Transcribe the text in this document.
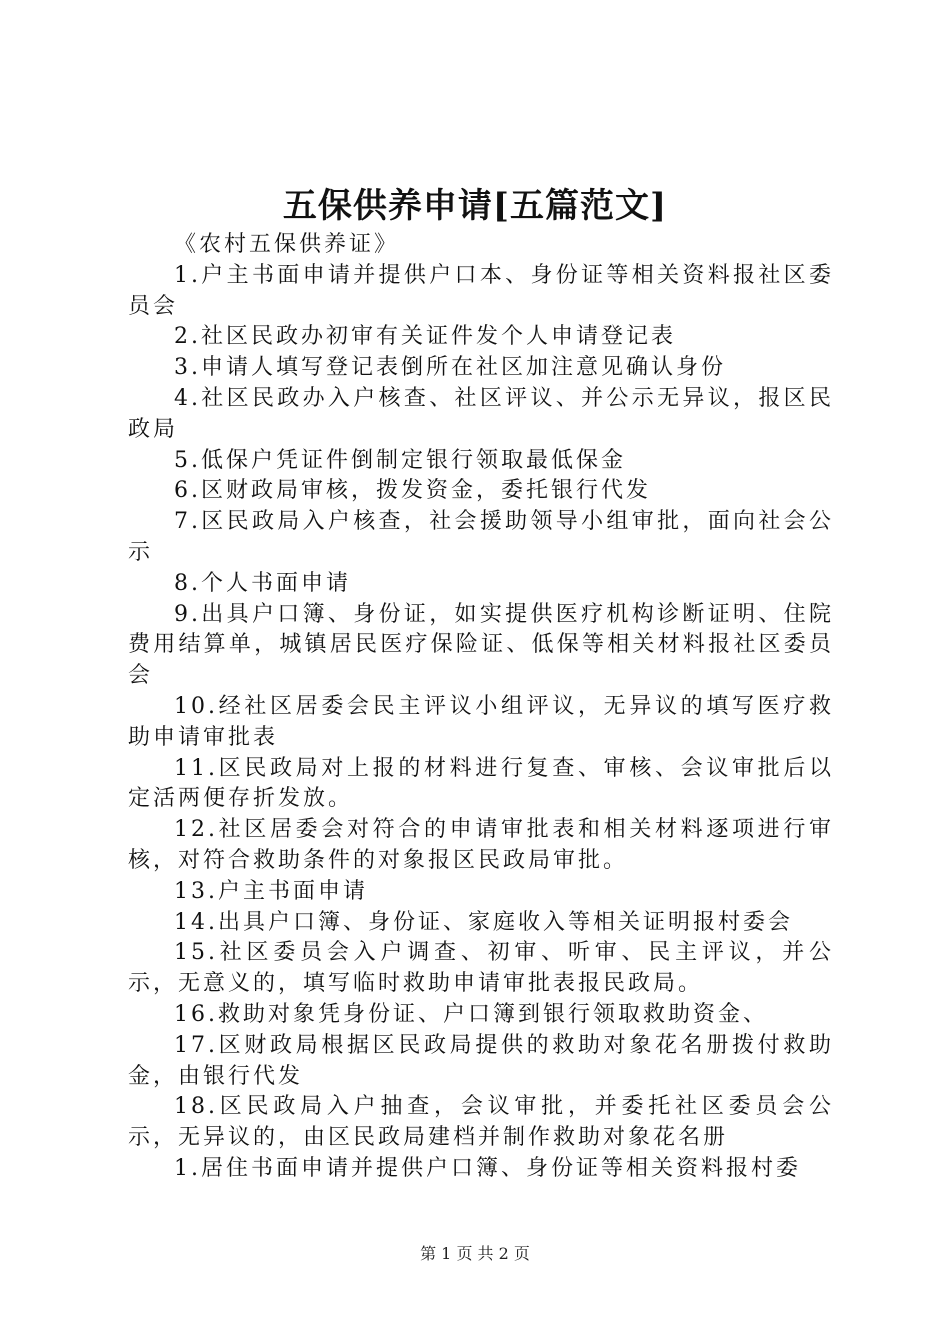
五保供养申请[五篇范文]

《农村五保供养证》

1.户主书面申请并提供户口本、身份证等相关资料报社区委员会

2.社区民政办初审有关证件发个人申请登记表

3.申请人填写登记表倒所在社区加注意见确认身份

4.社区民政办入户核查、社区评议、并公示无异议，报区民政局

5.低保户凭证件倒制定银行领取最低保金

6.区财政局审核，拨发资金，委托银行代发

7.区民政局入户核查，社会援助领导小组审批，面向社会公示

8.个人书面申请

9.出具户口簿、身份证，如实提供医疗机构诊断证明、住院费用结算单，城镇居民医疗保险证、低保等相关材料报社区委员会

10.经社区居委会民主评议小组评议，无异议的填写医疗救助申请审批表

11.区民政局对上报的材料进行复查、审核、会议审批后以定活两便存折发放。

12.社区居委会对符合的申请审批表和相关材料逐项进行审核，对符合救助条件的对象报区民政局审批。

13.户主书面申请

14.出具户口簿、身份证、家庭收入等相关证明报村委会

15.社区委员会入户调查、初审、听审、民主评议，并公示，无意义的，填写临时救助申请审批表报民政局。

16.救助对象凭身份证、户口簿到银行领取救助资金、

17.区财政局根据区民政局提供的救助对象花名册拨付救助金，由银行代发

18.区民政局入户抽查，会议审批，并委托社区委员会公示，无异议的，由区民政局建档并制作救助对象花名册

1.居住书面申请并提供户口簿、身份证等相关资料报村委

第 1 页 共 2 页
